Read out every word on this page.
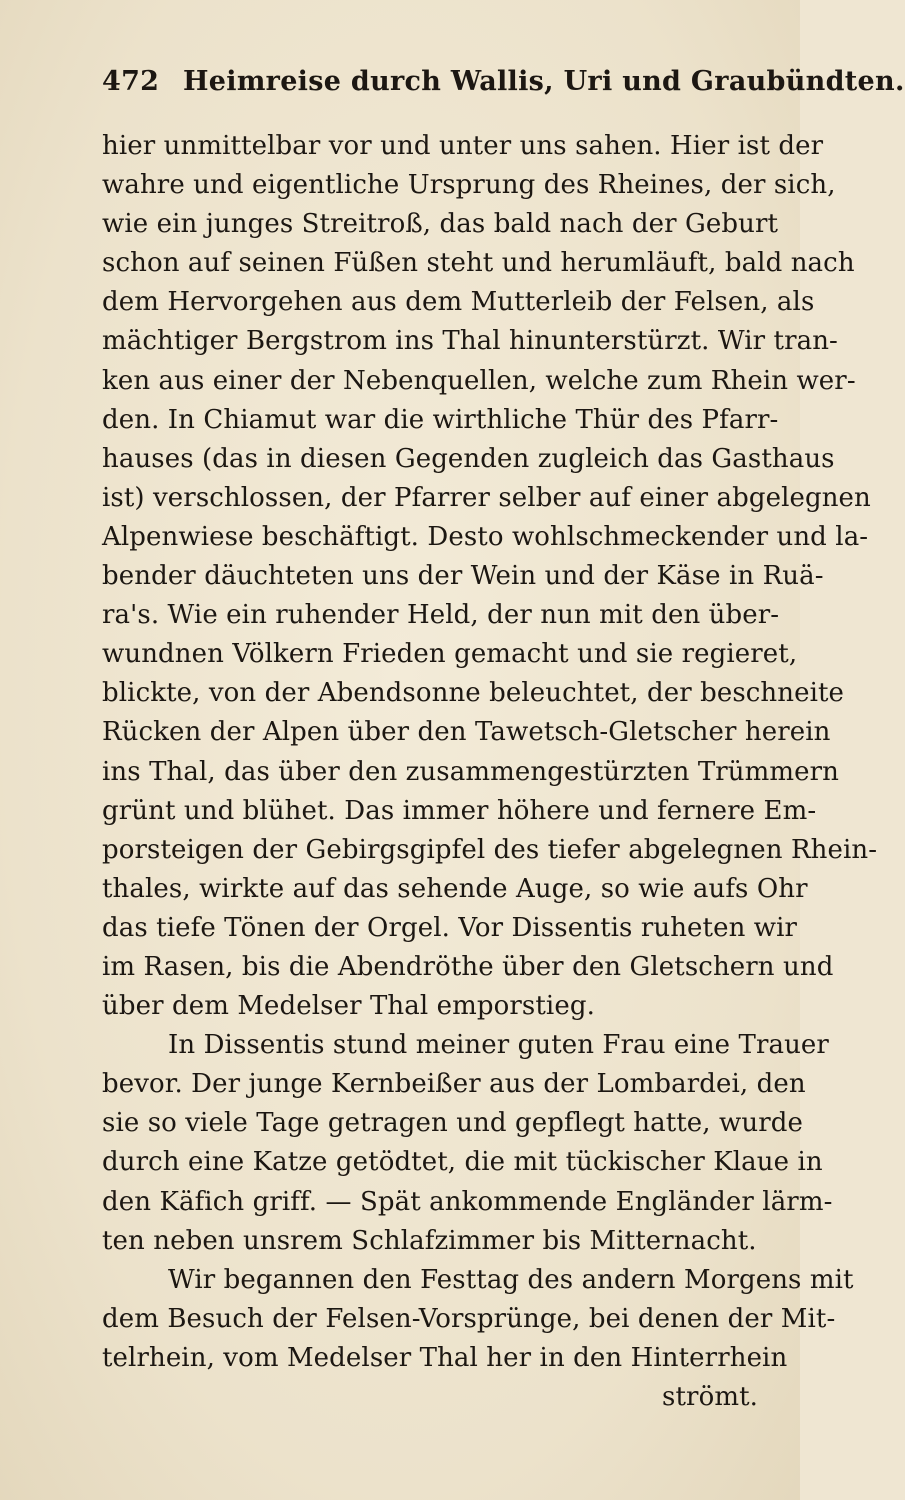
472 Heimreise durch Wallis, Uri und Graubündten.
hier unmittelbar vor und unter uns sahen. Hier ist der
wahre und eigentliche Ursprung des Rheines, der sich,
wie ein junges Streitroß, das bald nach der Geburt
schon auf seinen Füßen steht und herumläuft, bald nach
dem Hervorgehen aus dem Mutterleib der Felsen, als
mächtiger Bergstrom ins Thal hinunterstürzt. Wir tran-
ken aus einer der Nebenquellen, welche zum Rhein wer-
den. In Chiamut war die wirthliche Thür des Pfarr-
hauses (das in diesen Gegenden zugleich das Gasthaus
ist) verschlossen, der Pfarrer selber auf einer abgelegnen
Alpenwiese beschäftigt. Desto wohlschmeckender und la-
bender däuchteten uns der Wein und der Käse in Ruä-
ra's. Wie ein ruhender Held, der nun mit den über-
wundnen Völkern Frieden gemacht und sie regieret,
blickte, von der Abendsonne beleuchtet, der beschneite
Rücken der Alpen über den Tawetsch-Gletscher herein
ins Thal, das über den zusammengestürzten Trümmern
grünt und blühet. Das immer höhere und fernere Em-
porsteigen der Gebirgsgipfel des tiefer abgelegnen Rhein-
thales, wirkte auf das sehende Auge, so wie aufs Ohr
das tiefe Tönen der Orgel. Vor Dissentis ruheten wir
im Rasen, bis die Abendröthe über den Gletschern und
über dem Medelser Thal emporstieg.
In Dissentis stund meiner guten Frau eine Trauer
bevor. Der junge Kernbeißer aus der Lombardei, den
sie so viele Tage getragen und gepflegt hatte, wurde
durch eine Katze getödtet, die mit tückischer Klaue in
den Käfich griff. — Spät ankommende Engländer lärm-
ten neben unsrem Schlafzimmer bis Mitternacht.
Wir begannen den Festtag des andern Morgens mit
dem Besuch der Felsen-Vorsprünge, bei denen der Mit-
telrhein, vom Medelser Thal her in den Hinterrhein
strömt.
